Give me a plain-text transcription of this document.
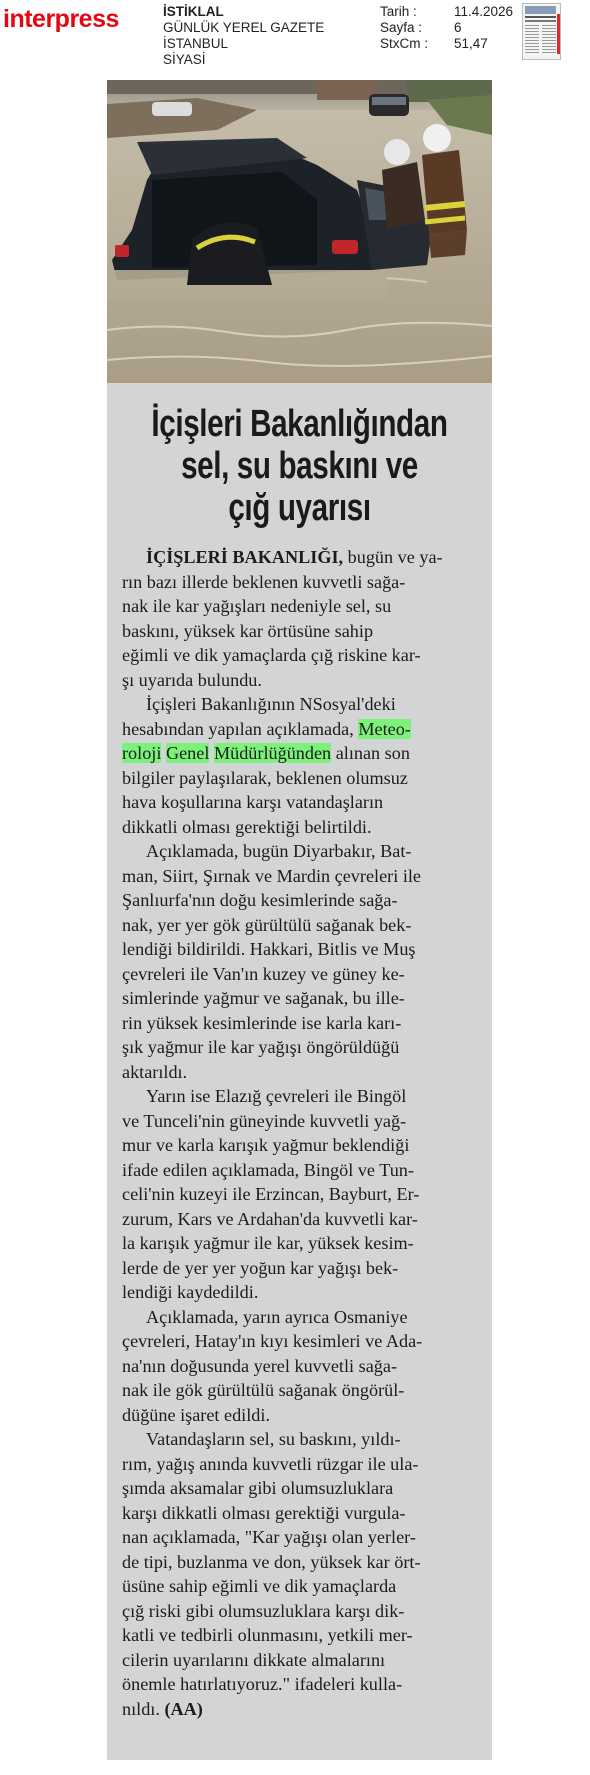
interpress	İSTİKLAL
GÜNLÜK YEREL GAZETE
İSTANBUL
SİYASİ
Tarih :	11.4.2026
Sayfa :	6
StxCm :	51,47
İçişleri Bakanlığından
sel, su baskını ve
çığ uyarısı
İÇİŞLERİ BAKANLIĞI, bugün ve ya-
rın bazı illerde beklenen kuvvetli sağa-
nak ile kar yağışları nedeniyle sel, su
baskını, yüksek kar örtüsüne sahip
eğimli ve dik yamaçlarda çığ riskine kar-
şı uyarıda bulundu.
İçişleri Bakanlığının NSosyal'deki
hesabından yapılan açıklamada, Meteo-
roloji Genel Müdürlüğünden alınan son
bilgiler paylaşılarak, beklenen olumsuz
hava koşullarına karşı vatandaşların
dikkatli olması gerektiği belirtildi.
Açıklamada, bugün Diyarbakır, Bat-
man, Siirt, Şırnak ve Mardin çevreleri ile
Şanlıurfa'nın doğu kesimlerinde sağa-
nak, yer yer gök gürültülü sağanak bek-
lendiği bildirildi. Hakkari, Bitlis ve Muş
çevreleri ile Van'ın kuzey ve güney ke-
simlerinde yağmur ve sağanak, bu ille-
rin yüksek kesimlerinde ise karla karı-
şık yağmur ile kar yağışı öngörüldüğü
aktarıldı.
Yarın ise Elazığ çevreleri ile Bingöl
ve Tunceli'nin güneyinde kuvvetli yağ-
mur ve karla karışık yağmur beklendiği
ifade edilen açıklamada, Bingöl ve Tun-
celi'nin kuzeyi ile Erzincan, Bayburt, Er-
zurum, Kars ve Ardahan'da kuvvetli kar-
la karışık yağmur ile kar, yüksek kesim-
lerde de yer yer yoğun kar yağışı bek-
lendiği kaydedildi.
Açıklamada, yarın ayrıca Osmaniye
çevreleri, Hatay'ın kıyı kesimleri ve Ada-
na'nın doğusunda yerel kuvvetli sağa-
nak ile gök gürültülü sağanak öngörül-
düğüne işaret edildi.
Vatandaşların sel, su baskını, yıldı-
rım, yağış anında kuvvetli rüzgar ile ula-
şımda aksamalar gibi olumsuzluklara
karşı dikkatli olması gerektiği vurgula-
nan açıklamada, "Kar yağışı olan yerler-
de tipi, buzlanma ve don, yüksek kar ört-
üsüne sahip eğimli ve dik yamaçlarda
çığ riski gibi olumsuzluklara karşı dik-
katli ve tedbirli olunmasını, yetkili mer-
cilerin uyarılarını dikkate almalarını
önemle hatırlatıyoruz." ifadeleri kulla-
nıldı. (AA)
